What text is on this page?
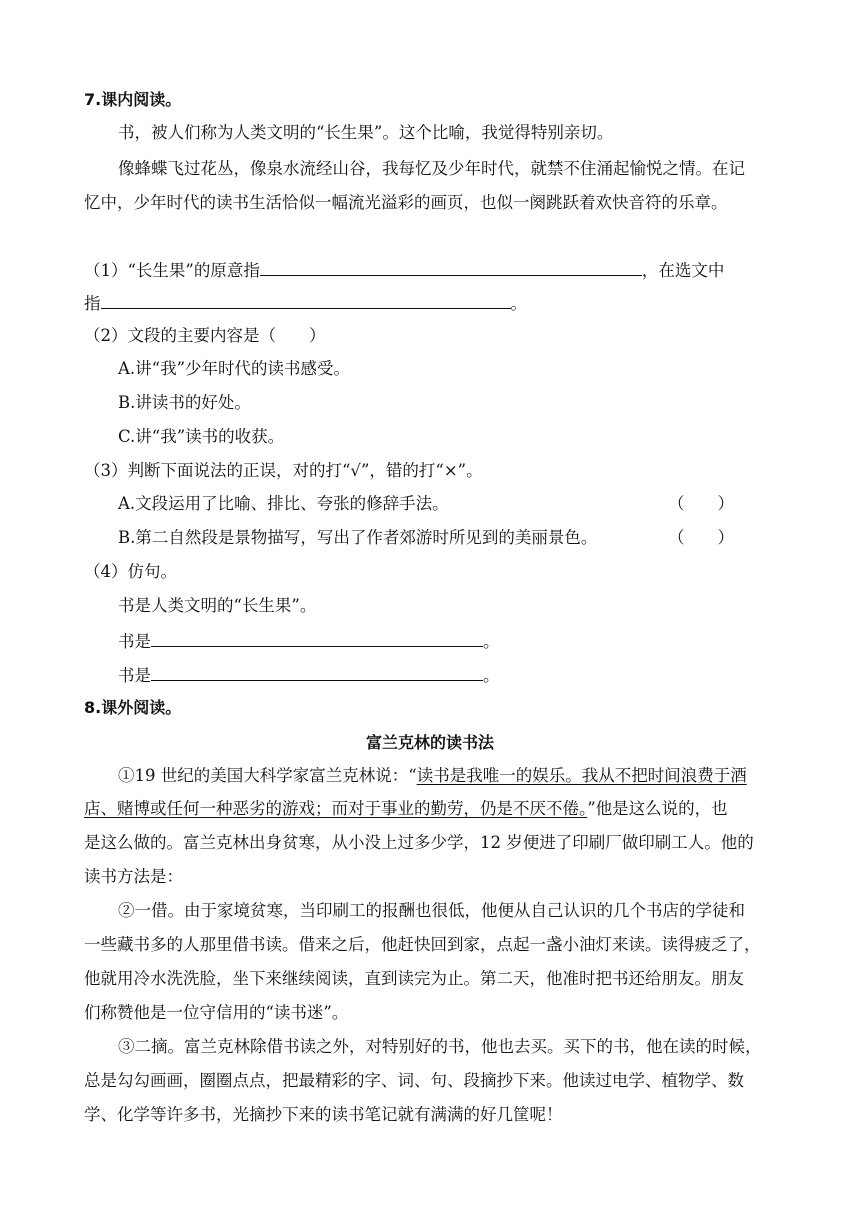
7.课内阅读。
书，被人们称为人类文明的“长生果”。这个比喻，我觉得特别亲切。
像蜂蝶飞过花丛，像泉水流经山谷，我每忆及少年时代，就禁不住涌起愉悦之情。在记
忆中，少年时代的读书生活恰似一幅流光溢彩的画页，也似一阕跳跃着欢快音符的乐章。
（1）“长生果”的原意指	，在选文中
指	。
（2）文段的主要内容是（　　）
A.讲“我”少年时代的读书感受。
B.讲读书的好处。
C.讲“我”读书的收获。
（3）判断下面说法的正误，对的打“√”，错的打“×”。
A.文段运用了比喻、排比、夸张的修辞手法。	（　　）
B.第二自然段是景物描写，写出了作者郊游时所见到的美丽景色。	（　　）
（4）仿句。
书是人类文明的“长生果”。
书是	。
书是	。
8.课外阅读。
富兰克林的读书法
①19 世纪的美国大科学家富兰克林说：“读书是我唯一的娱乐。我从不把时间浪费于酒
店、赌博或任何一种恶劣的游戏；而对于事业的勤劳，仍是不厌不倦。”他是这么说的，也
是这么做的。富兰克林出身贫寒，从小没上过多少学，12 岁便进了印刷厂做印刷工人。他的
读书方法是：
②一借。由于家境贫寒，当印刷工的报酬也很低，他便从自己认识的几个书店的学徒和
一些藏书多的人那里借书读。借来之后，他赶快回到家，点起一盏小油灯来读。读得疲乏了，
他就用冷水洗洗脸，坐下来继续阅读，直到读完为止。第二天，他准时把书还给朋友。朋友
们称赞他是一位守信用的“读书迷”。
③二摘。富兰克林除借书读之外，对特别好的书，他也去买。买下的书，他在读的时候，
总是勾勾画画，圈圈点点，把最精彩的字、词、句、段摘抄下来。他读过电学、植物学、数
学、化学等许多书，光摘抄下来的读书笔记就有满满的好几筐呢！
